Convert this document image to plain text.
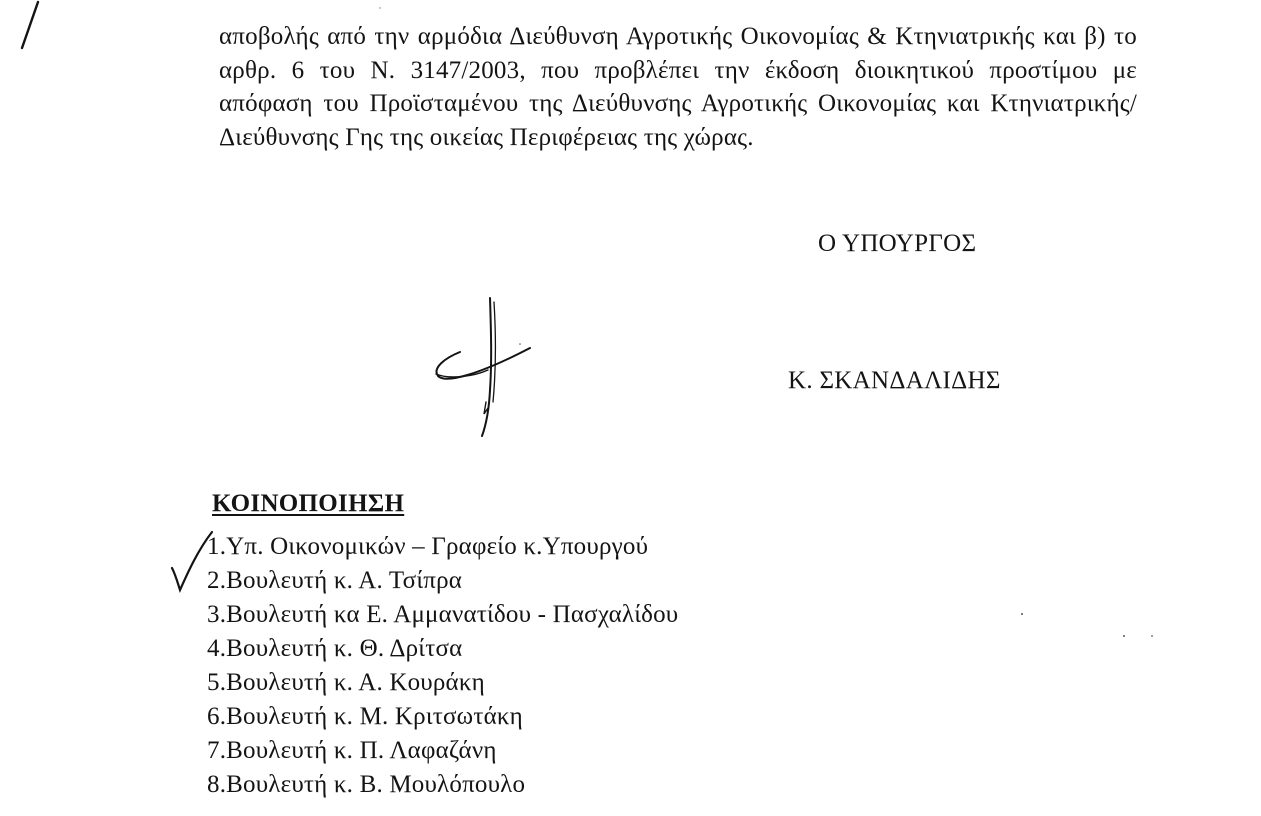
αποβολής από την αρμόδια Διεύθυνση Αγροτικής Οικονομίας & Κτηνιατρικής και β) το αρθρ. 6 του Ν. 3147/2003, που προβλέπει την έκδοση διοικητικού προστίμου με απόφαση του Προϊσταμένου της Διεύθυνσης Αγροτικής Οικονομίας και Κτηνιατρικής/Διεύθυνσης Γης της οικείας Περιφέρειας της χώρας.

Ο ΥΠΟΥΡΓΟΣ
Κ. ΣΚΑΝΔΑΛΙΔΗΣ
ΚΟΙΝΟΠΟΙΗΣΗ
1.Υπ. Οικονομικών – Γραφείο κ.Υπουργού
2.Βουλευτή κ. Α. Τσίπρα
3.Βουλευτή κα Ε. Αμμανατίδου - Πασχαλίδου
4.Βουλευτή κ. Θ. Δρίτσα
5.Βουλευτή κ. Α. Κουράκη
6.Βουλευτή κ. Μ. Κριτσωτάκη
7.Βουλευτή κ. Π. Λαφαζάνη
8.Βουλευτή κ. Β. Μουλόπουλο
